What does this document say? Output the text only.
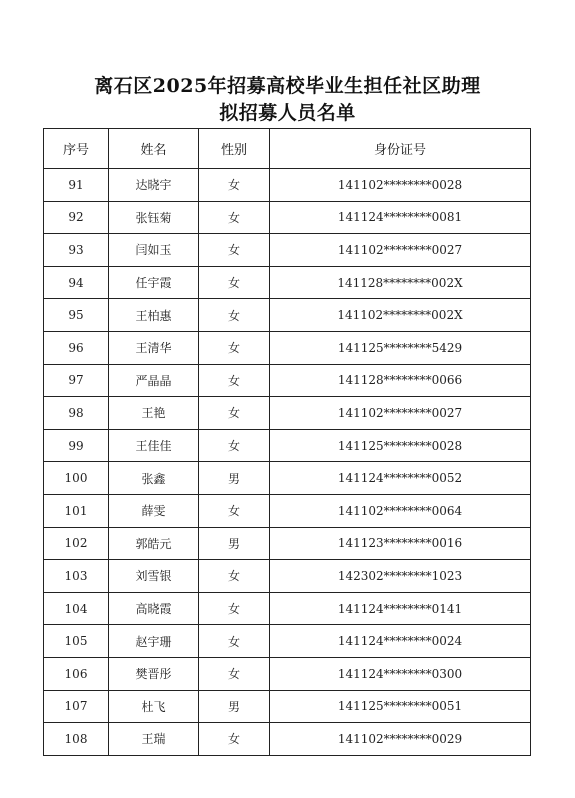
离石区2025年招募高校毕业生担任社区助理
拟招募人员名单
序号	姓名	性别	身份证号
91	达晓宇	女	141102********0028
92	张钰菊	女	141124********0081
93	闫如玉	女	141102********0027
94	任宇霞	女	141128********002X
95	王柏惠	女	141102********002X
96	王清华	女	141125********5429
97	严晶晶	女	141128********0066
98	王艳	女	141102********0027
99	王佳佳	女	141125********0028
100	张鑫	男	141124********0052
101	薛雯	女	141102********0064
102	郭皓元	男	141123********0016
103	刘雪银	女	142302********1023
104	高晓霞	女	141124********0141
105	赵宇珊	女	141124********0024
106	樊晋彤	女	141124********0300
107	杜飞	男	141125********0051
108	王瑞	女	141102********0029
